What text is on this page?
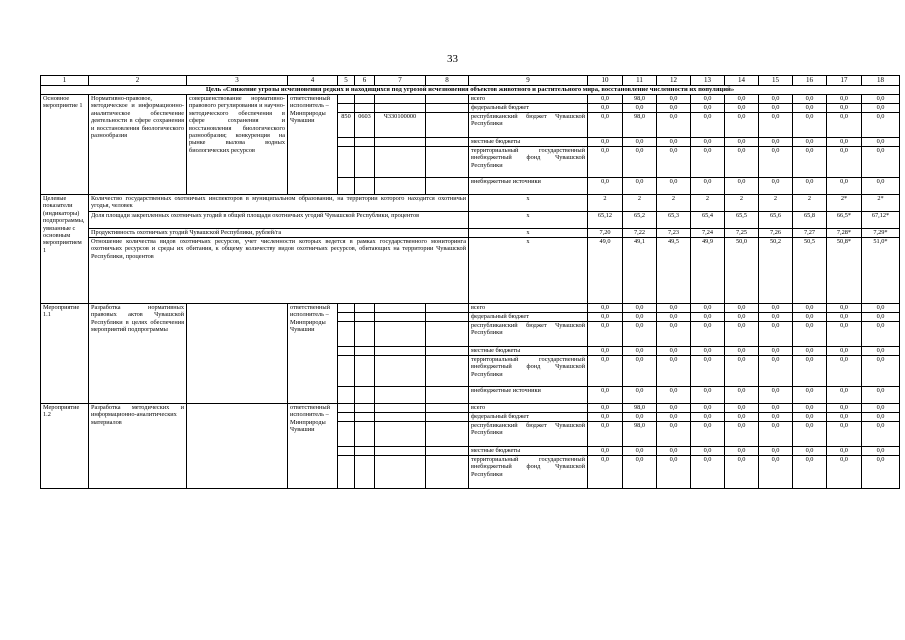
33
1	2	3	4	5	6	7	8	9	10	11	12	13	14	15	16	17	18
Цель «Снижение угрозы исчезновения редких и находящихся под угрозой исчезновения объектов животного и растительного мира, восстановление численности их популяций»																	
Основное мероприятие 1	Нормативно-правовое, методическое и информационно-аналитическое обеспечение деятельности в сфере сохранения и восстановления биологического разнообразия	совершенствование нормативно-правового регулирования и научно-методического обеспечения в сфере сохранения и восстановления биологического разнообразия; конкуренция на рынке вылова водных биологических ресурсов	ответственный исполнитель – Минприроды Чувашии					всего	0,0	98,0	0,0	0,0	0,0	0,0	0,0	0,0	0,0
								федеральный бюджет	0,0	0,0	0,0	0,0	0,0	0,0	0,0	0,0	0,0
				850	0603	Ч330100000		республиканский бюджет Чувашской Республики	0,0	98,0	0,0	0,0	0,0	0,0	0,0	0,0	0,0
								местные бюджеты	0,0	0,0	0,0	0,0	0,0	0,0	0,0	0,0	0,0
								территориальный государственный внебюджетный фонд Чувашской Республики	0,0	0,0	0,0	0,0	0,0	0,0	0,0	0,0	0,0
								внебюджетные источники	0,0	0,0	0,0	0,0	0,0	0,0	0,0	0,0	0,0
Целевые показатели (индикаторы) подпрограммы, увязанные с основным мероприятием 1	Количество государственных охотничьих инспекторов в муниципальном образовании, на территории которого находится охотничьи угодья, человек							х	2	2	2	2	2	2	2	2*	2*
	Доля площади закрепленных охотничьих угодий в общей площади охотничьих угодий Чувашской Республики, процентов							х	65,12	65,2	65,3	65,4	65,5	65,6	65,8	66,5*	67,12*
	Продуктивность охотничьих угодий Чувашской Республики, рублей/га							х	7,20	7,22	7,23	7,24	7,25	7,26	7,27	7,28*	7,29*
	Отношение количества видов охотничьих ресурсов, учет численности которых ведется в рамках государственного мониторинга охотничьих ресурсов и среды их обитания, к общему количеству видов охотничьих ресурсов, обитающих на территории Чувашской Республики, процентов							х	49,0	49,1	49,5	49,9	50,0	50,2	50,5	50,8*	51,0*
Мероприятие 1.1	Разработка нормативных правовых актов Чувашской Республики в целях обеспечения мероприятий подпрограммы		ответственный исполнитель – Минприроды Чувашии					всего	0,0	0,0	0,0	0,0	0,0	0,0	0,0	0,0	0,0
								федеральный бюджет	0,0	0,0	0,0	0,0	0,0	0,0	0,0	0,0	0,0
								республиканский бюджет Чувашской Республики	0,0	0,0	0,0	0,0	0,0	0,0	0,0	0,0	0,0
								местные бюджеты	0,0	0,0	0,0	0,0	0,0	0,0	0,0	0,0	0,0
								территориальный государственный внебюджетный фонд Чувашской Республики	0,0	0,0	0,0	0,0	0,0	0,0	0,0	0,0	0,0
								внебюджетные источники	0,0	0,0	0,0	0,0	0,0	0,0	0,0	0,0	0,0
Мероприятие 1.2	Разработка методических и информационно-аналитических материалов		ответственный исполнитель – Минприроды Чувашии					всего	0,0	98,0	0,0	0,0	0,0	0,0	0,0	0,0	0,0
								федеральный бюджет	0,0	0,0	0,0	0,0	0,0	0,0	0,0	0,0	0,0
								республиканский бюджет Чувашской Республики	0,0	98,0	0,0	0,0	0,0	0,0	0,0	0,0	0,0
								местные бюджеты	0,0	0,0	0,0	0,0	0,0	0,0	0,0	0,0	0,0
								территориальный государственный внебюджетный фонд Чувашской Республики	0,0	0,0	0,0	0,0	0,0	0,0	0,0	0,0	0,0
